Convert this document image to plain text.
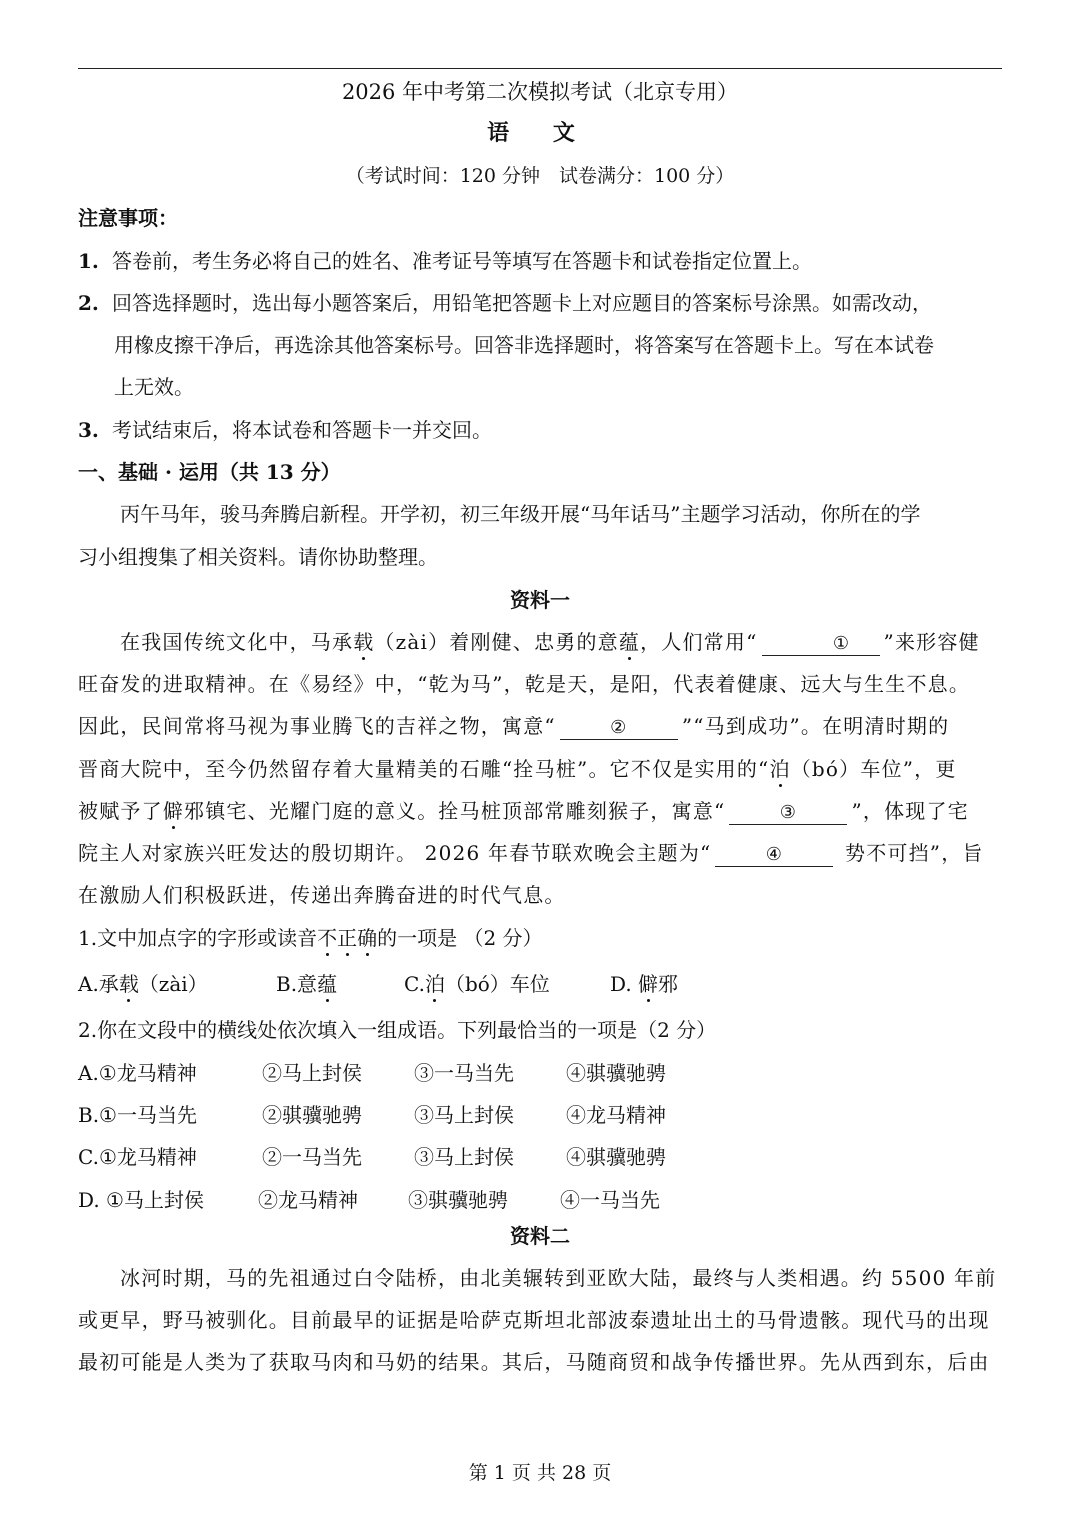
2026 年中考第二次模拟考试（北京专用）
语 文
（考试时间：120 分钟　试卷满分：100 分）
注意事项：
1. 答卷前，考生务必将自己的姓名、准考证号等填写在答题卡和试卷指定位置上。
2. 回答选择题时，选出每小题答案后，用铅笔把答题卡上对应题目的答案标号涂黑。如需改动，
用橡皮擦干净后，再选涂其他答案标号。回答非选择题时，将答案写在答题卡上。写在本试卷
上无效。
3. 考试结束后，将本试卷和答题卡一并交回。
一、基础 · 运用（共 13 分）
丙午马年，骏马奔腾启新程。开学初，初三年级开展“马年话马”主题学习活动，你所在的学
习小组搜集了相关资料。请你协助整理。
资料一
在我国传统文化中，马承载（zài）着刚健、忠勇的意蕴，人们常用“	① ”来形容健
旺奋发的进取精神。在《易经》中，“乾为马”，乾是天，是阳，代表着健康、远大与生生不息。
因此，民间常将马视为事业腾飞的吉祥之物，寓意“	②	”“马到成功”。在明清时期的
晋商大院中，至今仍然留存着大量精美的石雕“拴马桩”。它不仅是实用的“泊（bó）车位”，更
被赋予了僻邪镇宅、光耀门庭的意义。拴马桩顶部常雕刻猴子，寓意“	③	”，体现了宅
院主人对家族兴旺发达的殷切期许。 2026 年春节联欢晚会主题为“	④	势不可挡”，旨
在激励人们积极跃进，传递出奔腾奋进的时代气息。
1.文中加点字的字形或读音不正确的一项是 （2 分）
A.承载（zài）	B.意蕴	C.泊（bó）车位	D. 僻邪
2.你在文段中的横线处依次填入一组成语。下列最恰当的一项是（2 分）
A.①龙马精神	②马上封侯	③一马当先	④骐骥驰骋
B.①一马当先	②骐骥驰骋	③马上封侯	④龙马精神
C.①龙马精神	②一马当先	③马上封侯	④骐骥驰骋
D. ①马上封侯	②龙马精神	③骐骥驰骋	④一马当先
资料二
冰河时期，马的先祖通过白令陆桥，由北美辗转到亚欧大陆，最终与人类相遇。约 5500 年前
或更早，野马被驯化。目前最早的证据是哈萨克斯坦北部波泰遗址出土的马骨遗骸。现代马的出现
最初可能是人类为了获取马肉和马奶的结果。其后，马随商贸和战争传播世界。先从西到东，后由
第 1 页 共 28 页
